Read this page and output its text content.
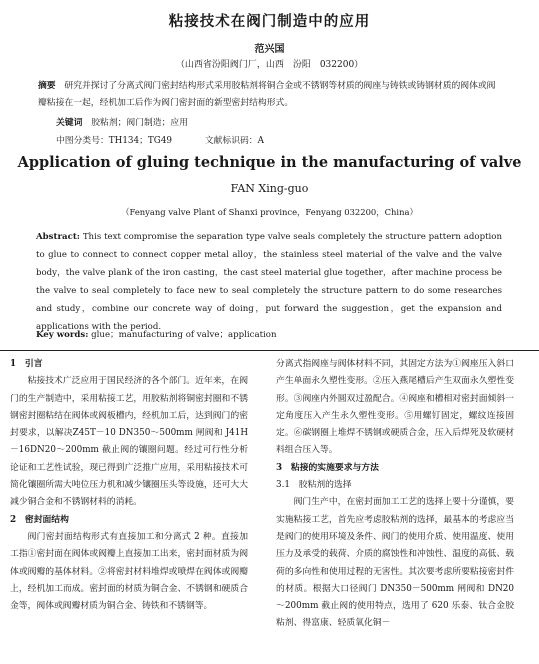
粘接技术在阀门制造中的应用
范兴国
（山西省汾阳阀门厂，山西　汾阳　032200）
摘要　 研究并探讨了分离式阀门密封结构形式采用胶粘剂将铜合金或不锈钢等材质的阀座与铸铁或铸钢材质的阀体或阀瓣粘接在一起，经机加工后作为阀门密封面的新型密封结构形式。
关键词　 胶粘剂；阀门制造；应用
中图分类号：TH134；TG49	文献标识码：A
Application of gluing technique in the manufacturing of valve
FAN Xing-guo
（Fenyang valve Plant of Shanxi province，Fenyang 032200，China）
Abstract: This text compromise the separation type valve seals completely the structure pattern adoption to glue to connect to connect copper metal alloy，the stainless steel material of the valve and the valve body，the valve plank of the iron casting，the cast steel material glue together，after machine process be the valve to seal completely to face new to seal completely the structure pattern to do some researches and study，combine our concrete way of doing，put forward the suggestion，get the expansion and applications with the period.
Key words: glue；manufacturing of valve；application
1　引言

粘接技术广泛应用于国民经济的各个部门。近年来，在阀门的生产制造中，采用粘接工艺，用胶粘剂将铜密封圈和不锈钢密封圈粘结在阀体或阀板槽内，经机加工后，达到阀门的密封要求，以解决Z45T－10 DN350～500mm 闸阀和 J41H－16DN20～200mm 截止阀的镶圈问题。经过可行性分析论证和工艺性试验，现已得到广泛推广应用，采用粘接技术可简化镶圈所需大吨位压力机和减少镶圈压头等设施，还可大大减少铜合金和不锈钢材料的消耗。

2　密封面结构

阀门密封面结构形式有直接加工和分离式 2 种。直接加工指①密封面在阀体或阀瓣上直接加工出来，密封面材质为阀体或阀瓣的基体材料。②将密封材料堆焊或喷焊在阀体或阀瓣上，经机加工而成。密封面的材质为铜合金、不锈钢和硬质合金等，阀体或阀瓣材质为铜合金、铸铁和不锈钢等。

分离式指阀座与阀体材料不同，其固定方法为①阀座压入斜口产生单面永久塑性变形。②压入燕尾槽后产生双面永久塑性变形。③阀座内外圆双过盈配合。④阀座和槽相对密封面倾斜一定角度压入产生永久塑性变形。⑤用螺钉固定，螺纹连接固定。⑥碳钢圈上堆焊不锈钢或硬质合金，压入后焊死及软硬材料组合压入等。

3　粘接的实施要求与方法
3.1　胶粘剂的选择

阀门生产中，在密封面加工工艺的选择上要十分谨慎，要实施粘接工艺，首先应考虑胶粘剂的选择，最基本的考虑应当是阀门的使用环境及条件、阀门的使用介质、使用温度、使用压力及承受的载荷、介质的腐蚀性和冲蚀性、温度的高低、载荷的多向性和使用过程的无害性。其次要考虑所要粘接密封件的材质。根据大口径阀门 DN350－500mm 闸阀和 DN20～200mm 截止阀的使用特点，选用了 620 乐泰、钛合金胶粘剂、得富康、轻质氧化铜－
